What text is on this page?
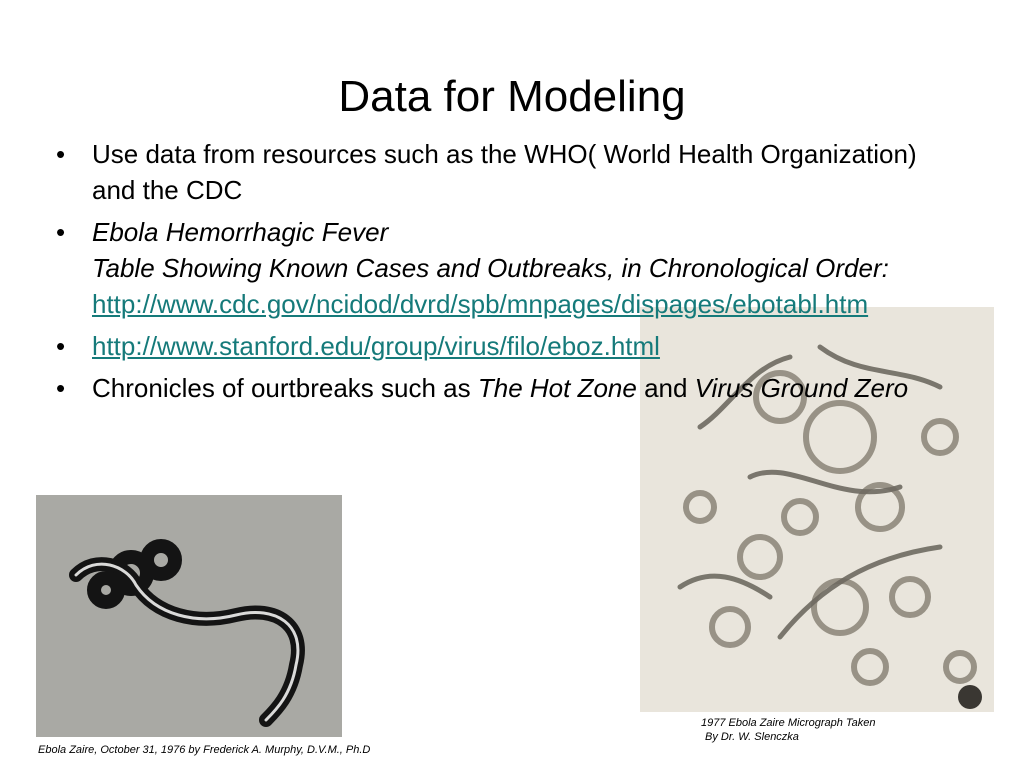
Data for Modeling
• Use data from resources such as the WHO( World Health Organization) and the CDC
• Ebola Hemorrhagic Fever
Table Showing Known Cases and Outbreaks, in Chronological Order:
http://www.cdc.gov/ncidod/dvrd/spb/mnpages/dispages/ebotabl.htm
• http://www.stanford.edu/group/virus/filo/eboz.html
• Chronicles of ourtbreaks such as The Hot Zone and Virus Ground Zero
1977 Ebola Zaire Micrograph Taken
By Dr. W. Slenczka
Ebola Zaire, October 31, 1976 by Frederick A. Murphy, D.V.M., Ph.D
